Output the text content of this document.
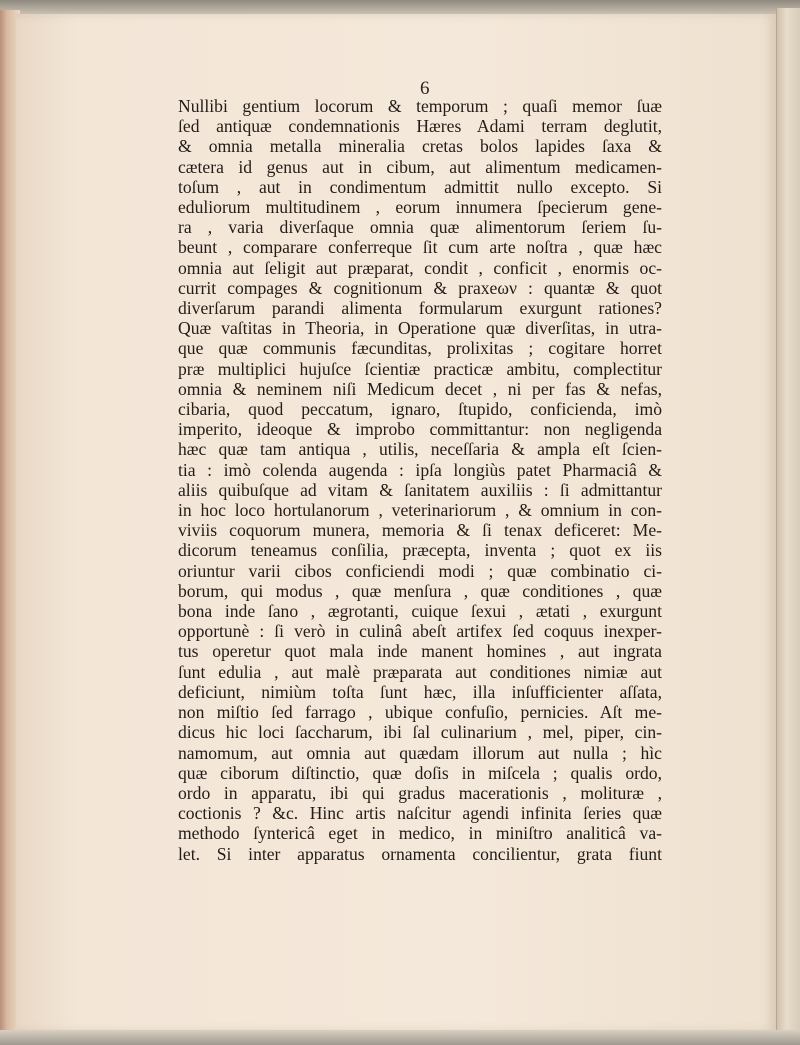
6
Nullibi gentium locorum & temporum ; quaſi memor ſuæ
ſed antiquæ condemnationis Hæres Adami terram deglutit,
& omnia metalla mineralia cretas bolos lapides ſaxa &
cætera id genus aut in cibum, aut alimentum medicamen-
toſum , aut in condimentum admittit nullo excepto. Si
eduliorum multitudinem , eorum innumera ſpecierum gene-
ra , varia diverſaque omnia quæ alimentorum ſeriem ſu-
beunt , comparare conferreque ſit cum arte noſtra , quæ hæc
omnia aut ſeligit aut præparat, condit , conficit , enormis oc-
currit compages & cognitionum & praxeων : quantæ & quot
diverſarum parandi alimenta formularum exurgunt rationes?
Quæ vaſtitas in Theoria, in Operatione quæ diverſitas, in utra-
que quæ communis fæcunditas, prolixitas ; cogitare horret
præ multiplici hujuſce ſcientiæ practicæ ambitu, complectitur
omnia & neminem niſi Medicum decet , ni per fas & nefas,
cibaria, quod peccatum, ignaro, ſtupido, conficienda, imò
imperito, ideoque & improbo committantur: non negligenda
hæc quæ tam antiqua , utilis, neceſſaria & ampla eſt ſcien-
tia : imò colenda augenda : ipſa longiùs patet Pharmaciâ &
aliis quibuſque ad vitam & ſanitatem auxiliis : ſi admittantur
in hoc loco hortulanorum , veterinariorum , & omnium in con-
viviis coquorum munera, memoria & ſi tenax deficeret: Me-
dicorum teneamus conſilia, præcepta, inventa ; quot ex iis
oriuntur varii cibos conficiendi modi ; quæ combinatio ci-
borum, qui modus , quæ menſura , quæ conditiones , quæ
bona inde ſano , ægrotanti, cuique ſexui , ætati , exurgunt
opportunè : ſi verò in culinâ abeſt artifex ſed coquus inexper-
tus operetur quot mala inde manent homines , aut ingrata
ſunt edulia , aut malè præparata aut conditiones nimiæ aut
deficiunt, nimiùm toſta ſunt hæc, illa inſufficienter aſſata,
non miſtio ſed farrago , ubique confuſio, pernicies. Aſt me-
dicus hic loci ſaccharum, ibi ſal culinarium , mel, piper, cin-
namomum, aut omnia aut quædam illorum aut nulla ; hìc
quæ ciborum diſtinctio, quæ doſis in miſcela ; qualis ordo,
ordo in apparatu, ibi qui gradus macerationis , molituræ ,
coctionis ? &c. Hinc artis naſcitur agendi infinita ſeries quæ
methodo ſyntericâ eget in medico, in miniſtro analiticâ va-
let. Si inter apparatus ornamenta concilientur, grata fiunt
